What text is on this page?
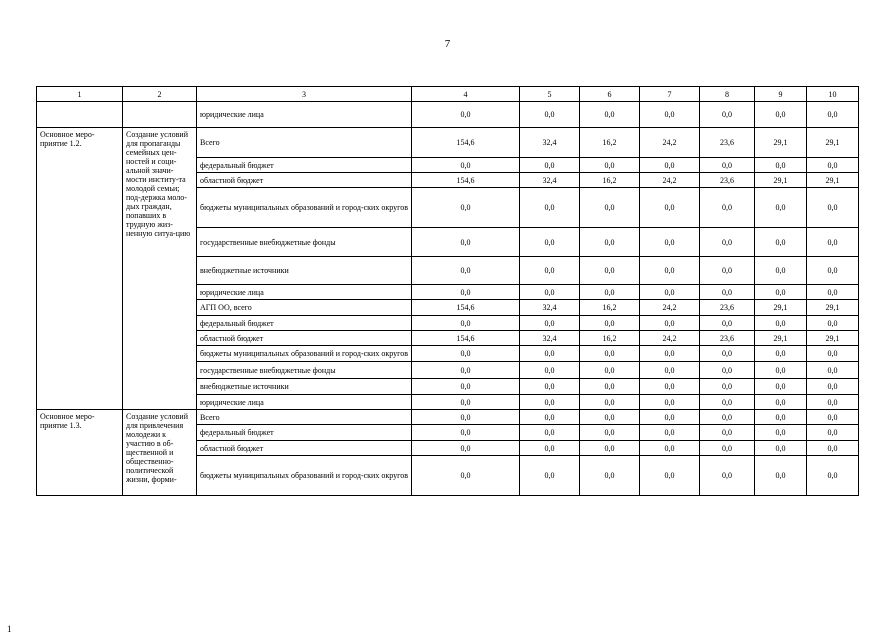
7
1	2	3	4	5	6	7	8	9	10
		юридические лица	0,0	0,0	0,0	0,0	0,0	0,0	0,0
Основное меро-приятие 1.2.	Создание условий для пропаганды семейных цен-ностей и соци-альной значи-мости институ-та молодой семьи; под-держка моло-дых граждан, попавших в трудную жиз-ненную ситуа-цию	Всего	154,6	32,4	16,2	24,2	23,6	29,1	29,1
		федеральный бюджет	0,0	0,0	0,0	0,0	0,0	0,0	0,0
		областной бюджет	154,6	32,4	16,2	24,2	23,6	29,1	29,1
		бюджеты муниципальных образований и город-ских округов	0,0	0,0	0,0	0,0	0,0	0,0	0,0
		государственные внебюджетные фонды	0,0	0,0	0,0	0,0	0,0	0,0	0,0
		внебюджетные источники	0,0	0,0	0,0	0,0	0,0	0,0	0,0
		юридические лица	0,0	0,0	0,0	0,0	0,0	0,0	0,0
		АГП ОО, всего	154,6	32,4	16,2	24,2	23,6	29,1	29,1
		федеральный бюджет	0,0	0,0	0,0	0,0	0,0	0,0	0,0
		областной бюджет	154,6	32,4	16,2	24,2	23,6	29,1	29,1
		бюджеты муниципальных образований и город-ских округов	0,0	0,0	0,0	0,0	0,0	0,0	0,0
		государственные внебюджетные фонды	0,0	0,0	0,0	0,0	0,0	0,0	0,0
		внебюджетные источники	0,0	0,0	0,0	0,0	0,0	0,0	0,0
		юридические лица	0,0	0,0	0,0	0,0	0,0	0,0	0,0
Основное меро-приятие 1.3.	Создание условий для привлечения молодежи к участию в об-щественной и общественно-политической жизни, форми-	Всего	0,0	0,0	0,0	0,0	0,0	0,0	0,0
		федеральный бюджет	0,0	0,0	0,0	0,0	0,0	0,0	0,0
		областной бюджет	0,0	0,0	0,0	0,0	0,0	0,0	0,0
		бюджеты муниципальных образований и город-ских округов	0,0	0,0	0,0	0,0	0,0	0,0	0,0
1
